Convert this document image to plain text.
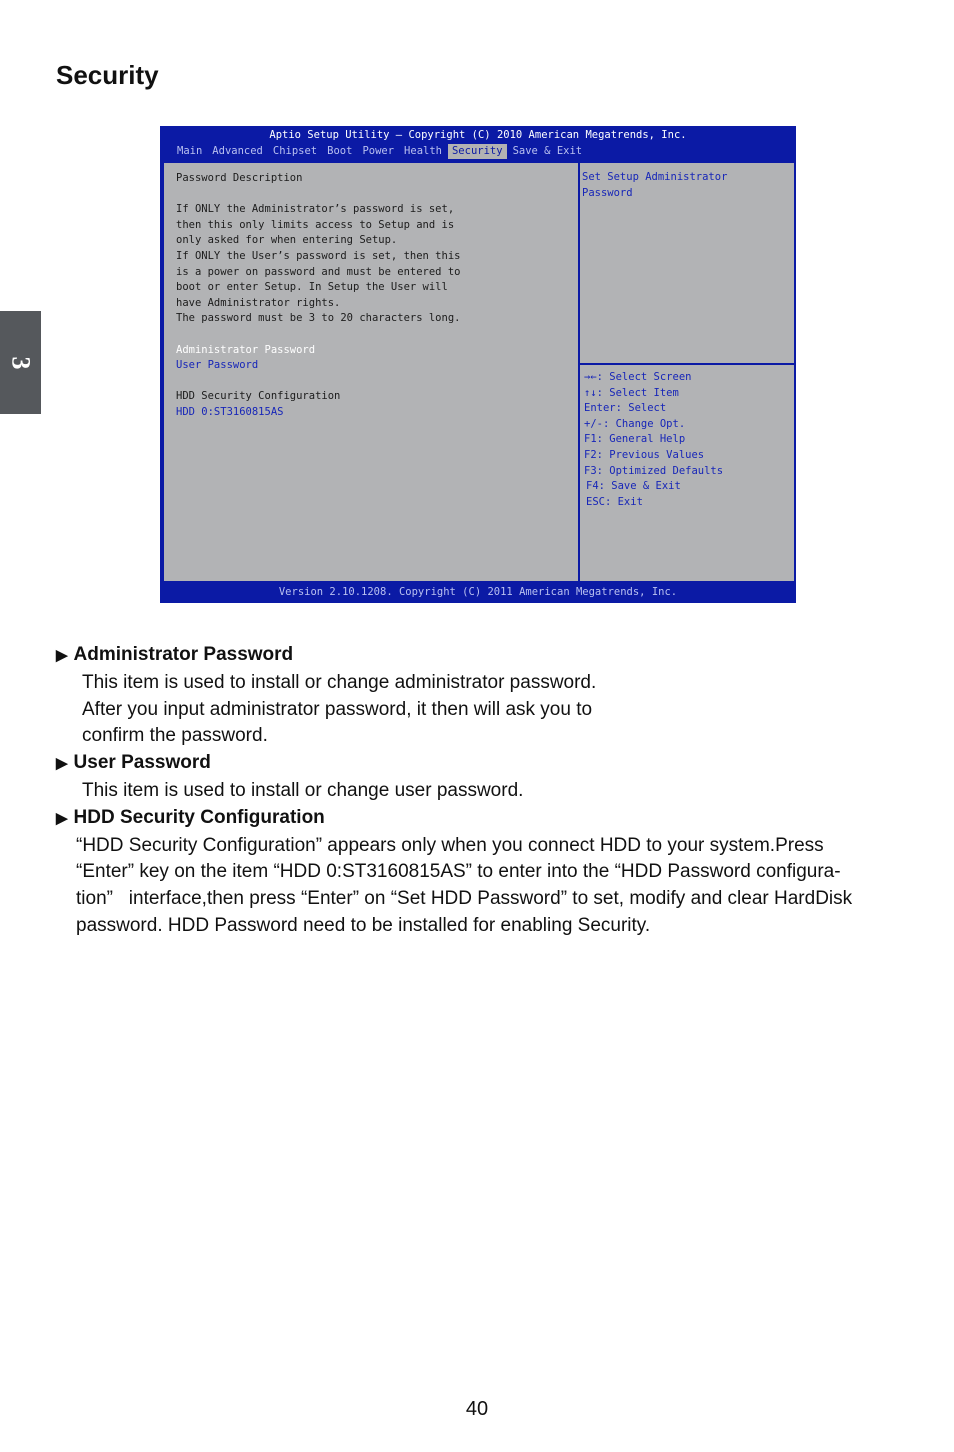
Security
3
Aptio Setup Utility – Copyright (C) 2010 American Megatrends, Inc.
Main Advanced Chipset Boot Power Health Security Save & Exit
Password Description
If ONLY the Administrator’s password is set,
then this only limits access to Setup and is
only asked for when entering Setup.
If ONLY the User’s password is set, then this
is a power on password and must be entered to
boot or enter Setup. In Setup the User will
have Administrator rights.
The password must be 3 to 20 characters long.
Administrator Password
User Password
HDD Security Configuration
HDD 0:ST3160815AS
Set Setup Administrator
Password
→←: Select Screen
↑↓: Select Item
Enter: Select
+/-: Change Opt.
F1: General Help
F2: Previous Values
F3: Optimized Defaults
F4: Save & Exit
ESC: Exit
Version 2.10.1208. Copyright (C) 2011 American Megatrends, Inc.
▶ Administrator Password
This item is used to install or change administrator password.
After you input administrator password, it then will ask you to
confirm the password.
▶ User Password
This item is used to install or change user password.
▶ HDD Security Configuration
“HDD Security Configuration” appears only when you connect HDD to your system.Press
“Enter” key on the item “HDD 0:ST3160815AS” to enter into the “HDD Password configura-
tion”   interface,then press “Enter” on “Set HDD Password” to set, modify and clear HardDisk
password. HDD Password need to be installed for enabling Security.
40
